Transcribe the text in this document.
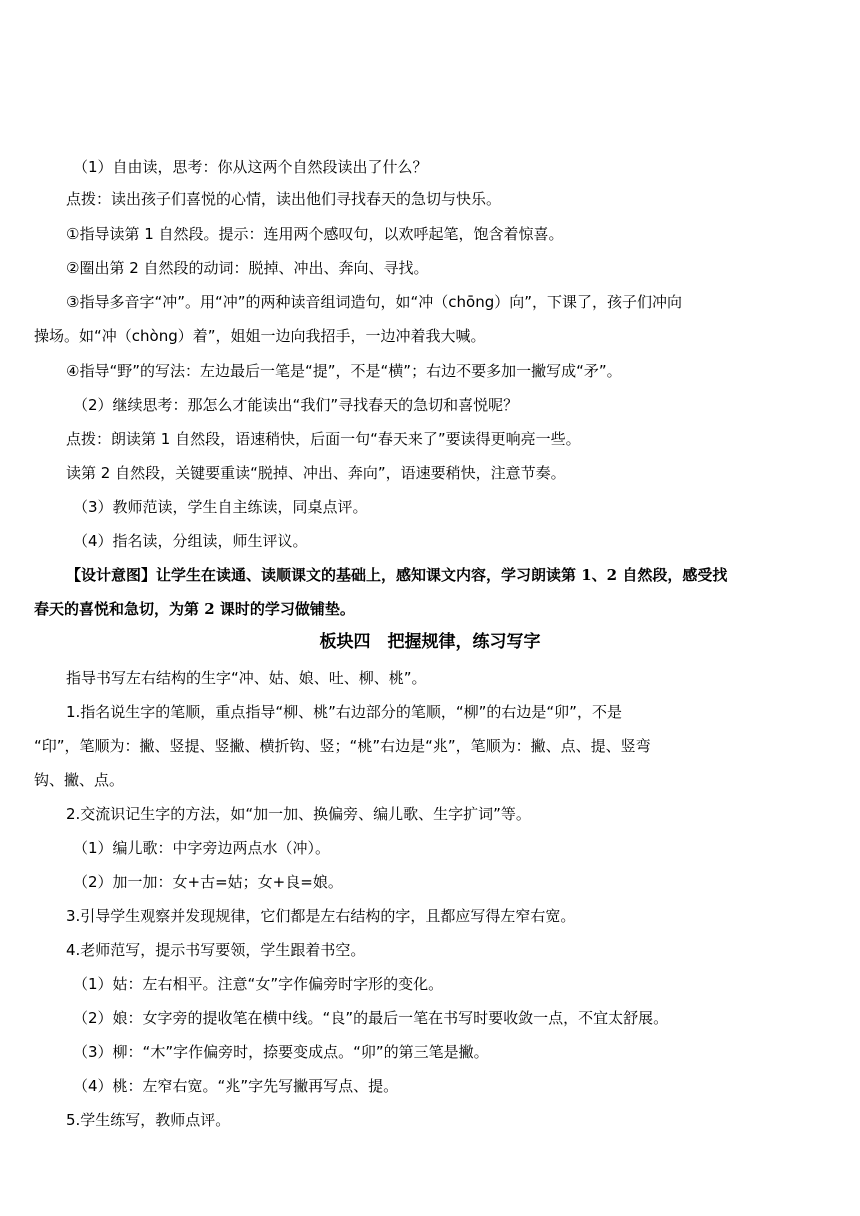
（1）自由读，思考：你从这两个自然段读出了什么？
点拨：读出孩子们喜悦的心情，读出他们寻找春天的急切与快乐。
①指导读第 1 自然段。提示：连用两个感叹句，以欢呼起笔，饱含着惊喜。
②圈出第 2 自然段的动词：脱掉、冲出、奔向、寻找。
③指导多音字“冲”。用“冲”的两种读音组词造句，如“冲（chōng）向”，下课了，孩子们冲向
操场。如“冲（chòng）着”，姐姐一边向我招手，一边冲着我大喊。
④指导“野”的写法：左边最后一笔是“提”，不是“横”；右边不要多加一撇写成“矛”。
（2）继续思考：那怎么才能读出“我们”寻找春天的急切和喜悦呢？
点拨：朗读第 1 自然段，语速稍快，后面一句“春天来了”要读得更响亮一些。
读第 2 自然段，关键要重读“脱掉、冲出、奔向”，语速要稍快，注意节奏。
（3）教师范读，学生自主练读，同桌点评。
（4）指名读，分组读，师生评议。
【设计意图】让学生在读通、读顺课文的基础上，感知课文内容，学习朗读第 1、2 自然段，感受找
春天的喜悦和急切，为第 2 课时的学习做铺垫。
板块四　把握规律，练习写字
指导书写左右结构的生字“冲、姑、娘、吐、柳、桃”。
1.指名说生字的笔顺，重点指导“柳、桃”右边部分的笔顺，“柳”的右边是“卯”，不是
“印”，笔顺为：撇、竖提、竖撇、横折钩、竖；“桃”右边是“兆”，笔顺为：撇、点、提、竖弯
钩、撇、点。
2.交流识记生字的方法，如“加一加、换偏旁、编儿歌、生字扩词”等。
（1）编儿歌：中字旁边两点水（冲）。
（2）加一加：女+古=姑；女+良=娘。
3.引导学生观察并发现规律，它们都是左右结构的字，且都应写得左窄右宽。
4.老师范写，提示书写要领，学生跟着书空。
（1）姑：左右相平。注意“女”字作偏旁时字形的变化。
（2）娘：女字旁的提收笔在横中线。“良”的最后一笔在书写时要收敛一点，不宜太舒展。
（3）柳：“木”字作偏旁时，捺要变成点。“卯”的第三笔是撇。
（4）桃：左窄右宽。“兆”字先写撇再写点、提。
5.学生练写，教师点评。
